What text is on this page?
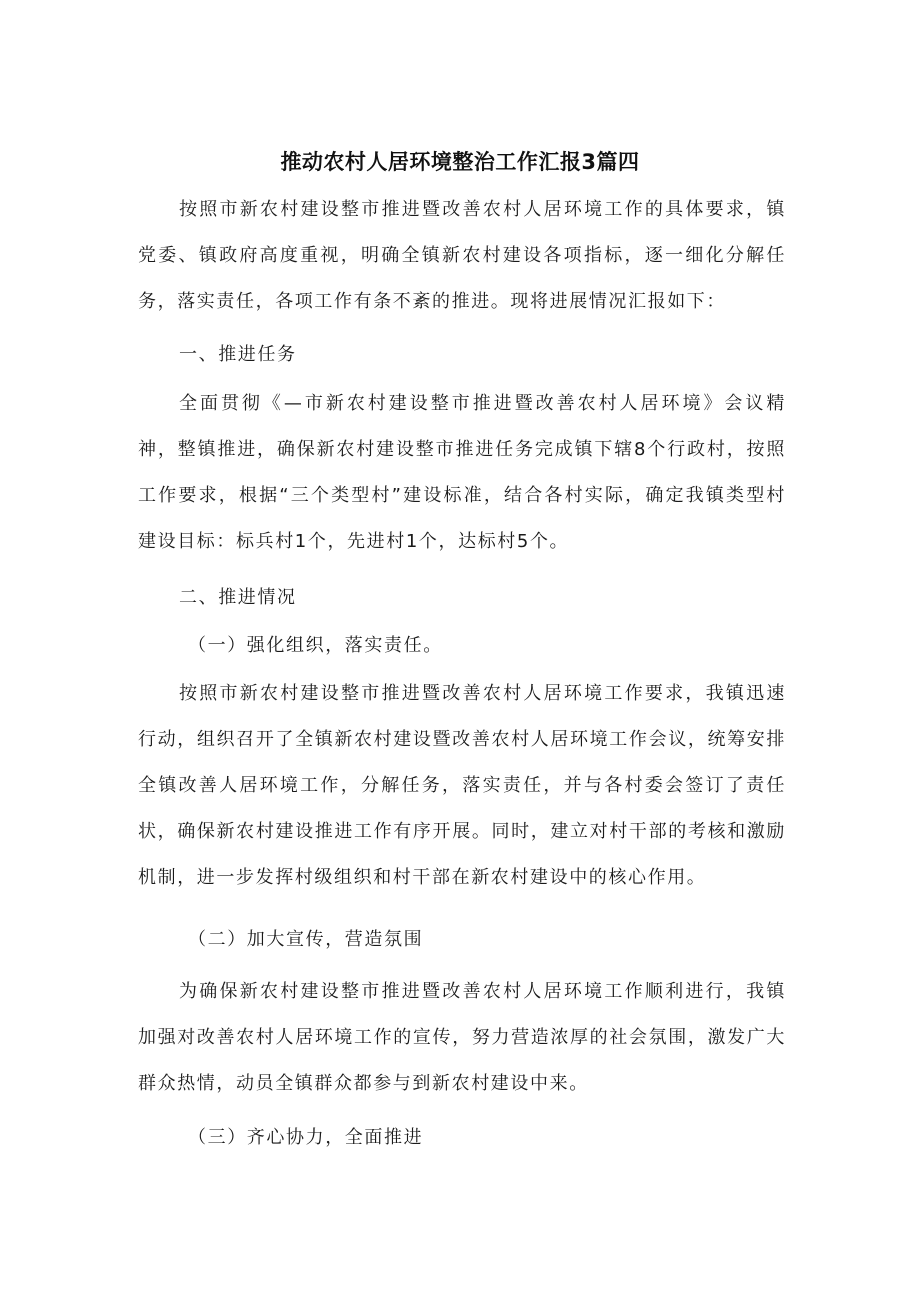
推动农村人居环境整治工作汇报3篇四

按照市新农村建设整市推进暨改善农村人居环境工作的具体要求，镇党委、镇政府高度重视，明确全镇新农村建设各项指标，逐一细化分解任务，落实责任，各项工作有条不紊的推进。现将进展情况汇报如下：

一、推进任务

全面贯彻《—市新农村建设整市推进暨改善农村人居环境》会议精神，整镇推进，确保新农村建设整市推进任务完成镇下辖8个行政村，按照工作要求，根据“三个类型村”建设标准，结合各村实际，确定我镇类型村建设目标：标兵村1个，先进村1个，达标村5个。

二、推进情况

（一）强化组织，落实责任。

按照市新农村建设整市推进暨改善农村人居环境工作要求，我镇迅速行动，组织召开了全镇新农村建设暨改善农村人居环境工作会议，统筹安排全镇改善人居环境工作，分解任务，落实责任，并与各村委会签订了责任状，确保新农村建设推进工作有序开展。同时，建立对村干部的考核和激励机制，进一步发挥村级组织和村干部在新农村建设中的核心作用。

（二）加大宣传，营造氛围

为确保新农村建设整市推进暨改善农村人居环境工作顺利进行，我镇加强对改善农村人居环境工作的宣传，努力营造浓厚的社会氛围，激发广大群众热情，动员全镇群众都参与到新农村建设中来。

（三）齐心协力，全面推进
